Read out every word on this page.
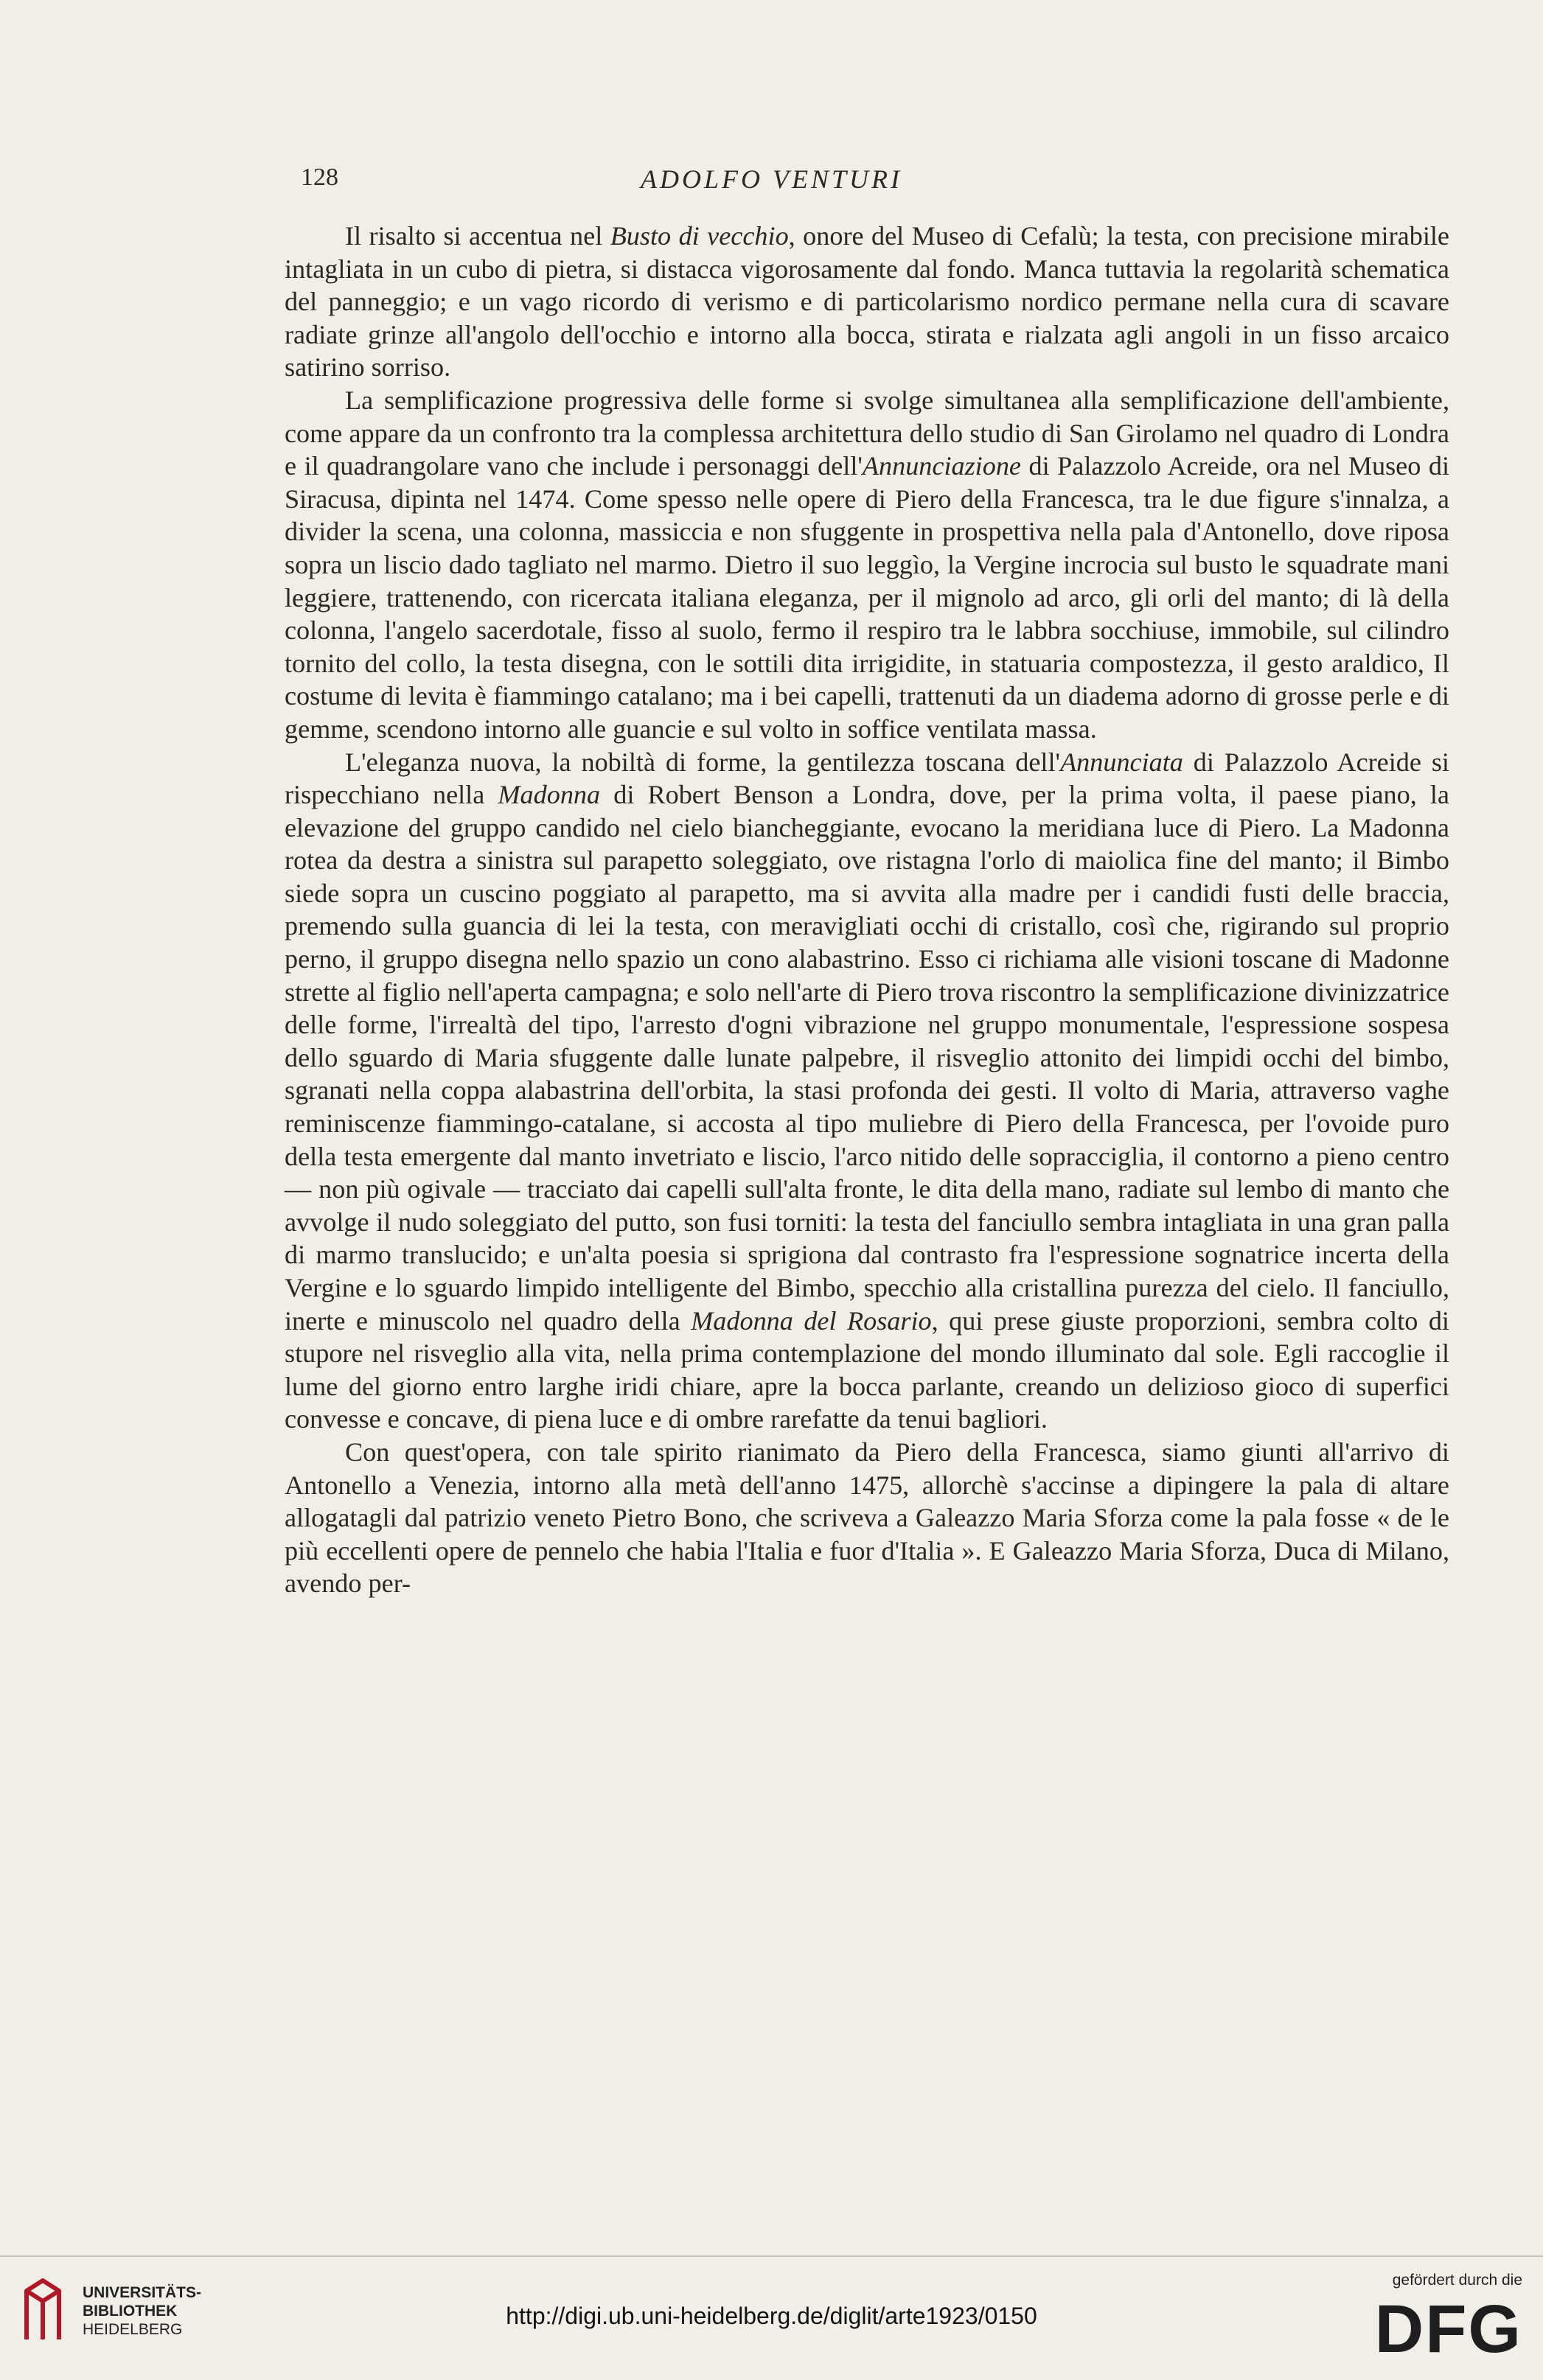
128	ADOLFO VENTURI

Il risalto si accentua nel Busto di vecchio, onore del Museo di Cefalù; la testa, con precisione mirabile intagliata in un cubo di pietra, si distacca vigorosamente dal fondo. Manca tuttavia la regolarità schematica del panneggio; e un vago ricordo di verismo e di particolarismo nordico permane nella cura di scavare radiate grinze all'angolo dell'occhio e intorno alla bocca, stirata e rialzata agli angoli in un fisso arcaico satirino sorriso.

La semplificazione progressiva delle forme si svolge simultanea alla semplificazione dell'ambiente, come appare da un confronto tra la complessa architettura dello studio di San Girolamo nel quadro di Londra e il quadrangolare vano che include i personaggi dell'Annunciazione di Palazzolo Acreide, ora nel Museo di Siracusa, dipinta nel 1474. Come spesso nelle opere di Piero della Francesca, tra le due figure s'innalza, a divider la scena, una colonna, massiccia e non sfuggente in prospettiva nella pala d'Antonello, dove riposa sopra un liscio dado tagliato nel marmo. Dietro il suo leggìo, la Vergine incrocia sul busto le squadrate mani leggiere, trattenendo, con ricercata italiana eleganza, per il mignolo ad arco, gli orli del manto; di là della colonna, l'angelo sacerdotale, fisso al suolo, fermo il respiro tra le labbra socchiuse, immobile, sul cilindro tornito del collo, la testa disegna, con le sottili dita irrigidite, in statuaria compostezza, il gesto araldico, Il costume di levita è fiammingo catalano; ma i bei capelli, trattenuti da un diadema adorno di grosse perle e di gemme, scendono intorno alle guancie e sul volto in soffice ventilata massa.

L'eleganza nuova, la nobiltà di forme, la gentilezza toscana dell'Annunciata di Palazzolo Acreide si rispecchiano nella Madonna di Robert Benson a Londra, dove, per la prima volta, il paese piano, la elevazione del gruppo candido nel cielo biancheggiante, evocano la meridiana luce di Piero. La Madonna rotea da destra a sinistra sul parapetto soleggiato, ove ristagna l'orlo di maiolica fine del manto; il Bimbo siede sopra un cuscino poggiato al parapetto, ma si avvita alla madre per i candidi fusti delle braccia, premendo sulla guancia di lei la testa, con meravigliati occhi di cristallo, così che, rigirando sul proprio perno, il gruppo disegna nello spazio un cono alabastrino. Esso ci richiama alle visioni toscane di Madonne strette al figlio nell'aperta campagna; e solo nell'arte di Piero trova riscontro la semplificazione divinizzatrice delle forme, l'irrealtà del tipo, l'arresto d'ogni vibrazione nel gruppo monumentale, l'espressione sospesa dello sguardo di Maria sfuggente dalle lunate palpebre, il risveglio attonito dei limpidi occhi del bimbo, sgranati nella coppa alabastrina dell'orbita, la stasi profonda dei gesti. Il volto di Maria, attraverso vaghe reminiscenze fiammingo-catalane, si accosta al tipo muliebre di Piero della Francesca, per l'ovoide puro della testa emergente dal manto invetriato e liscio, l'arco nitido delle sopracciglia, il contorno a pieno centro — non più ogivale — tracciato dai capelli sull'alta fronte, le dita della mano, radiate sul lembo di manto che avvolge il nudo soleggiato del putto, son fusi torniti: la testa del fanciullo sembra intagliata in una gran palla di marmo translucido; e un'alta poesia si sprigiona dal contrasto fra l'espressione sognatrice incerta della Vergine e lo sguardo limpido intelligente del Bimbo, specchio alla cristallina purezza del cielo. Il fanciullo, inerte e minuscolo nel quadro della Madonna del Rosario, qui prese giuste proporzioni, sembra colto di stupore nel risveglio alla vita, nella prima contemplazione del mondo illuminato dal sole. Egli raccoglie il lume del giorno entro larghe iridi chiare, apre la bocca parlante, creando un delizioso gioco di superfici convesse e concave, di piena luce e di ombre rarefatte da tenui bagliori.

Con quest'opera, con tale spirito rianimato da Piero della Francesca, siamo giunti all'arrivo di Antonello a Venezia, intorno alla metà dell'anno 1475, allorchè s'accinse a dipingere la pala di altare allogatagli dal patrizio veneto Pietro Bono, che scriveva a Galeazzo Maria Sforza come la pala fosse « de le più eccellenti opere de pennelo che habia l'Italia e fuor d'Italia ». E Galeazzo Maria Sforza, Duca di Milano, avendo per-

UNIVERSITÄTS-
BIBLIOTHEK
HEIDELBERG
http://digi.ub.uni-heidelberg.de/diglit/arte1923/0150
gefördert durch die
DFG
